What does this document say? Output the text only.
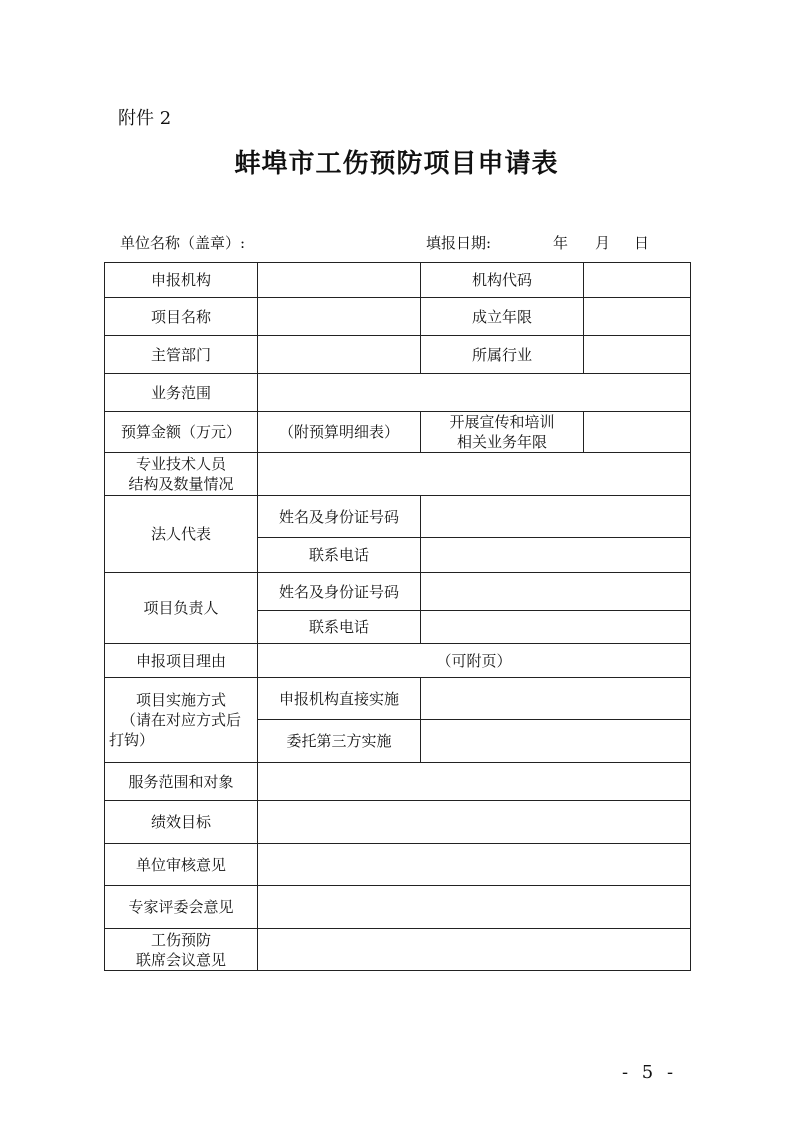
附件 2
蚌埠市工伤预防项目申请表
单位名称（盖章）:	填报日期:	年 月 日
申报机构		机构代码	
项目名称		成立年限	
主管部门		所属行业	
业务范围			
预算金额（万元）	（附预算明细表）	开展宣传和培训
相关业务年限	

专业技术人员
结构及数量情况			

法人代表	姓名及身份证号码		
	联系电话		
项目负责人	姓名及身份证号码		
	联系电话		
申报项目理由	（可附页）		

项目实施方式
（请在对应方式后
打钩）	申报机构直接实施		
	委托第三方实施		
服务范围和对象			
绩效目标			
单位审核意见			
专家评委会意见			

工伤预防
联席会议意见			

- 5 -
